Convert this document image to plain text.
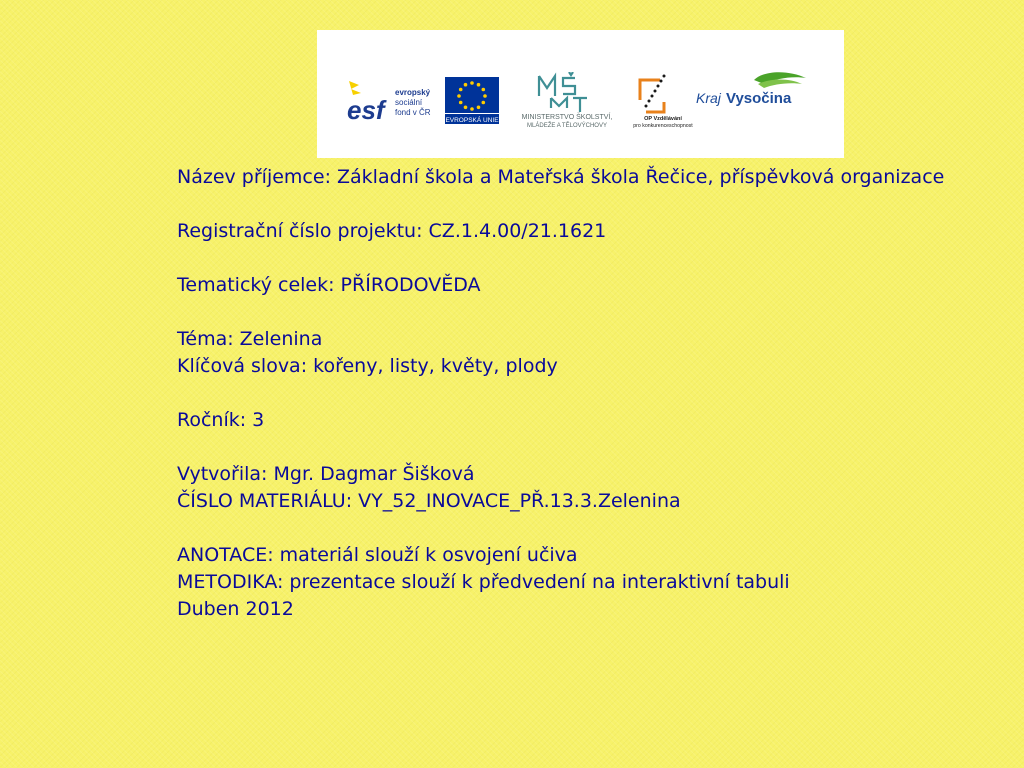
esf
evropský
sociální
fond v ČR
EVROPSKÁ UNIE	MINISTERSTVO ŠKOLSTVÍ,
MLÁDEŽE A TĚLOVÝCHOVY
OP Vzdělávání
pro konkurenceschopnost
Kraj Vysočina

Název příjemce: Základní škola a Mateřská škola Řečice, příspěvková organizace

Registrační číslo projektu: CZ.1.4.00/21.1621

Tematický celek: PŘÍRODOVĚDA

Téma: Zelenina

Klíčová slova: kořeny, listy, květy, plody

Ročník: 3

Vytvořila: Mgr. Dagmar Šišková

ČÍSLO MATERIÁLU: VY_52_INOVACE_PŘ.13.3.Zelenina

ANOTACE: materiál slouží k osvojení učiva

METODIKA: prezentace slouží k předvedení na interaktivní tabuli

Duben 2012
